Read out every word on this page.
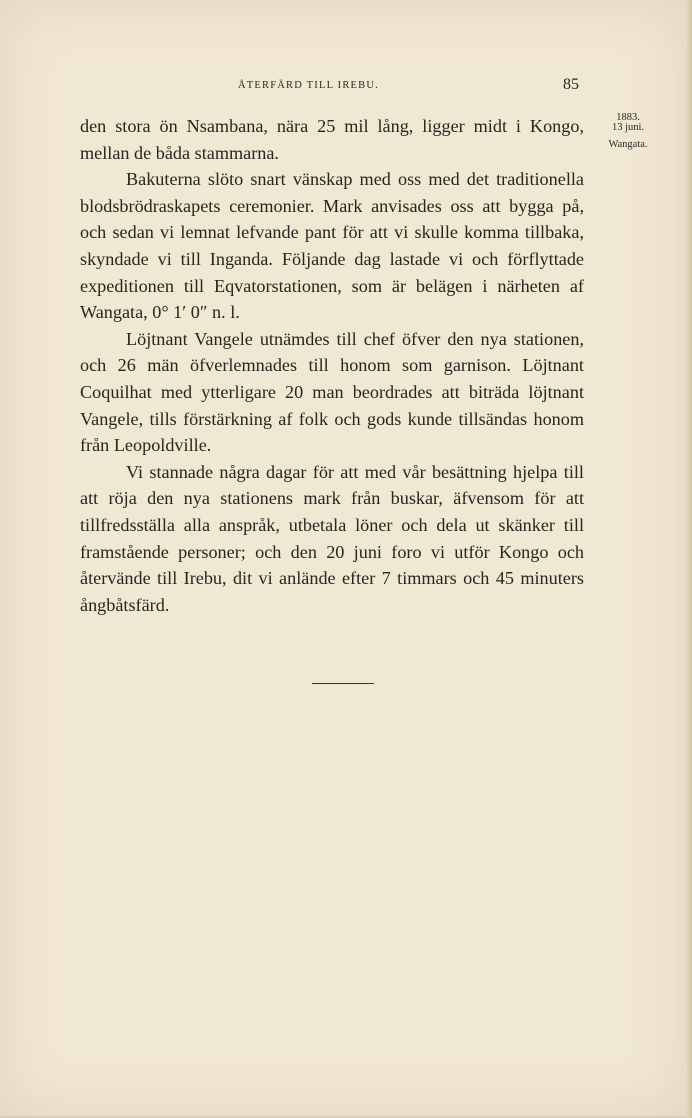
ÅTERFÄRD TILL IREBU.	85
1883.
13 juni.
Wangata.

den stora ön Nsambana, nära 25 mil lång, ligger midt i Kongo, mellan de båda stammarna.

Bakuterna slöto snart vänskap med oss med det traditionella blodsbrödraskapets ceremonier. Mark anvisades oss att bygga på, och sedan vi lemnat lefvande pant för att vi skulle komma tillbaka, skyndade vi till Inganda. Följande dag lastade vi och förflyttade expeditionen till Eqvatorstationen, som är belägen i närheten af Wangata, 0° 1′ 0″ n. l.

Löjtnant Vangele utnämdes till chef öfver den nya stationen, och 26 män öfverlemnades till honom som garnison. Löjtnant Coquilhat med ytterligare 20 man beordrades att biträda löjtnant Vangele, tills förstärkning af folk och gods kunde tillsändas honom från Leopoldville.

Vi stannade några dagar för att med vår besättning hjelpa till att röja den nya stationens mark från buskar, äfvensom för att tillfredsställa alla anspråk, utbetala löner och dela ut skänker till framstående personer; och den 20 juni foro vi utför Kongo och återvände till Irebu, dit vi anlände efter 7 timmars och 45 minuters ångbåtsfärd.
